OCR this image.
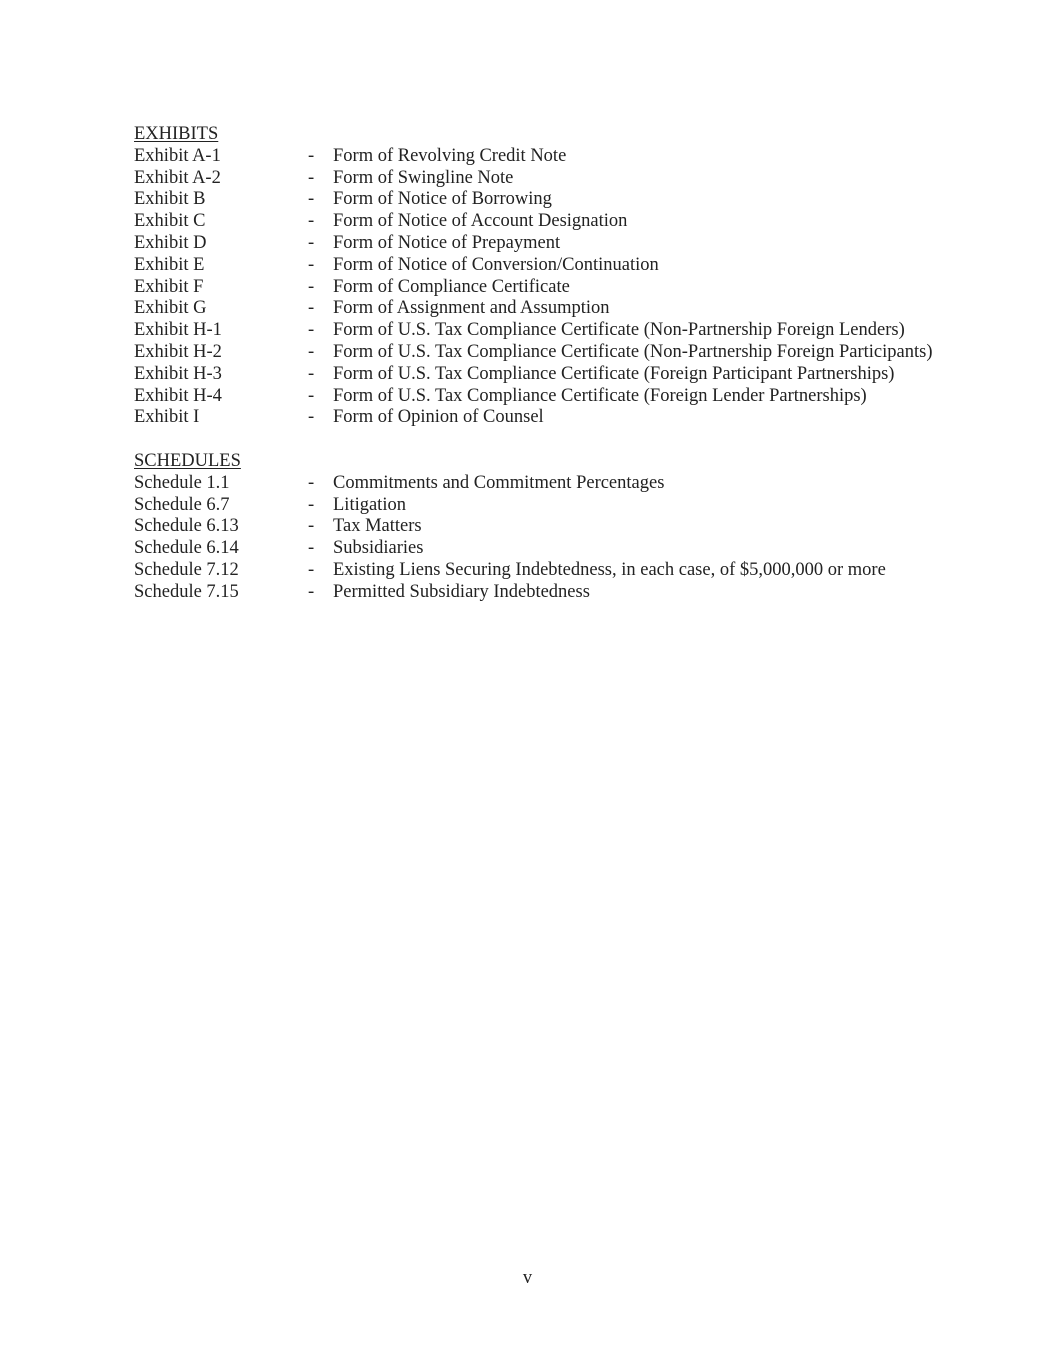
EXHIBITS
Exhibit A-1	- Form of Revolving Credit Note
Exhibit A-2	- Form of Swingline Note
Exhibit B	- Form of Notice of Borrowing
Exhibit C	- Form of Notice of Account Designation
Exhibit D	- Form of Notice of Prepayment
Exhibit E	- Form of Notice of Conversion/Continuation
Exhibit F	- Form of Compliance Certificate
Exhibit G	- Form of Assignment and Assumption
Exhibit H-1	- Form of U.S. Tax Compliance Certificate (Non-Partnership Foreign Lenders)
Exhibit H-2	- Form of U.S. Tax Compliance Certificate (Non-Partnership Foreign Participants)
Exhibit H-3	- Form of U.S. Tax Compliance Certificate (Foreign Participant Partnerships)
Exhibit H-4	- Form of U.S. Tax Compliance Certificate (Foreign Lender Partnerships)
Exhibit I	- Form of Opinion of Counsel
SCHEDULES
Schedule 1.1	- Commitments and Commitment Percentages
Schedule 6.7	- Litigation
Schedule 6.13	- Tax Matters
Schedule 6.14	- Subsidiaries
Schedule 7.12	- Existing Liens Securing Indebtedness, in each case, of $5,000,000 or more
Schedule 7.15	- Permitted Subsidiary Indebtedness
v
